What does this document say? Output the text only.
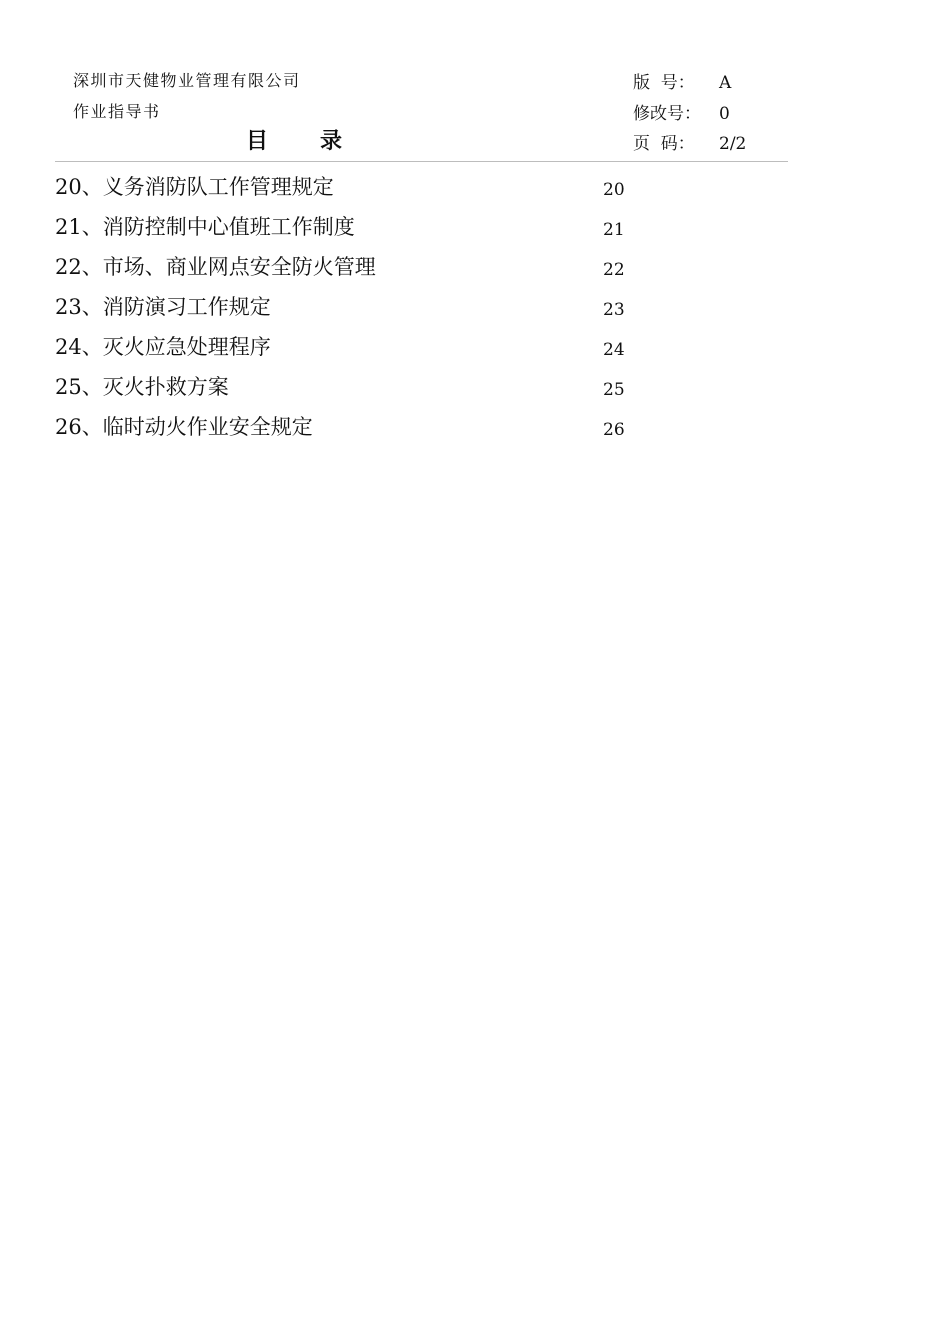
深圳市天健物业管理有限公司
作业指导书
目 录
版  号： A
修改号： 0
页  码： 2/2
20、义务消防队工作管理规定	20
21、消防控制中心值班工作制度	21
22、市场、商业网点安全防火管理	22
23、消防演习工作规定	23
24、灭火应急处理程序	24
25、灭火扑救方案	25
26、临时动火作业安全规定	26
